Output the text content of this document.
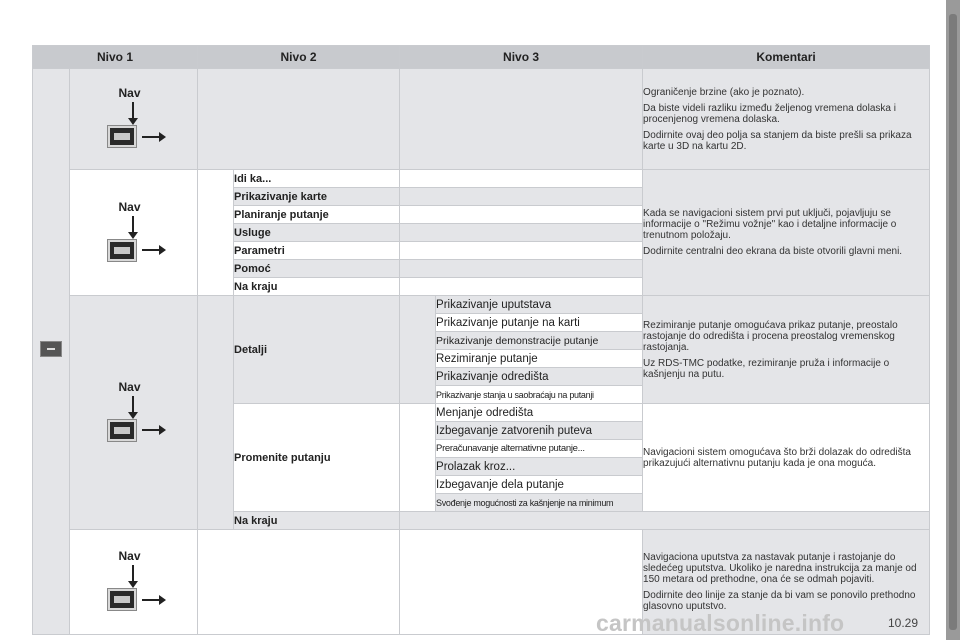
Nivo 1		Nivo 2		Nivo 3		Komentari

	Nav					Ograničenje brzine (ako je poznato).

Da biste videli razliku između željenog vremena dolaska i procenjenog vremena dolaska.

Dodirnite ovaj deo polja sa stanjem da biste prešli sa prikaza karte u 3D na kartu 2D.

	Nav		Idi ka...			Kada se navigacioni sistem prvi put uključi, pojavljuju se informacije o "Režimu vožnje" kao i detaljne informacije o trenutnom položaju.

Dodirnite centralni deo ekrana da biste otvorili glavni meni.

			Prikazivanje karte			
			Planiranje putanje			
			Usluge			
			Parametri			
			Pomoć			
			Na kraju			

	Nav		Detalji		Prikazivanje uputstava	Rezimiranje putanje omogućava prikaz putanje, preostalo rastojanje do odredišta i procena preostalog vremenskog rastojanja.

Uz RDS-TMC podatke, rezimiranje pruža i informacije o kašnjenju na putu.

					Prikazivanje putanje na karti	
					Prikazivanje demonstracije putanje	
					Rezimiranje putanje	
					Prikazivanje odredišta	
					Prikazivanje stanja u saobraćaju na putanji	
			Promenite putanju		Menjanje odredišta	Navigacioni sistem omogućava što brži dolazak do odredišta prikazujući alternativnu putanju kada je ona moguća.

					Izbegavanje zatvorenih puteva	
					Preračunavanje alternativne putanje...	
					Prolazak kroz...	
					Izbegavanje dela putanje	
					Svođenje mogućnosti za kašnjenje na minimum	
			Na kraju			

	Nav					Navigaciona uputstva za nastavak putanje i rastojanje do sledećeg uputstva. Ukoliko je naredna instrukcija za manje od 150 metara od prethodne, ona će se odmah pojaviti.

Dodirnite deo linije za stanje da bi vam se ponovilo prethodno glasovno uputstvo.

10.29
carmanualsonline.info
